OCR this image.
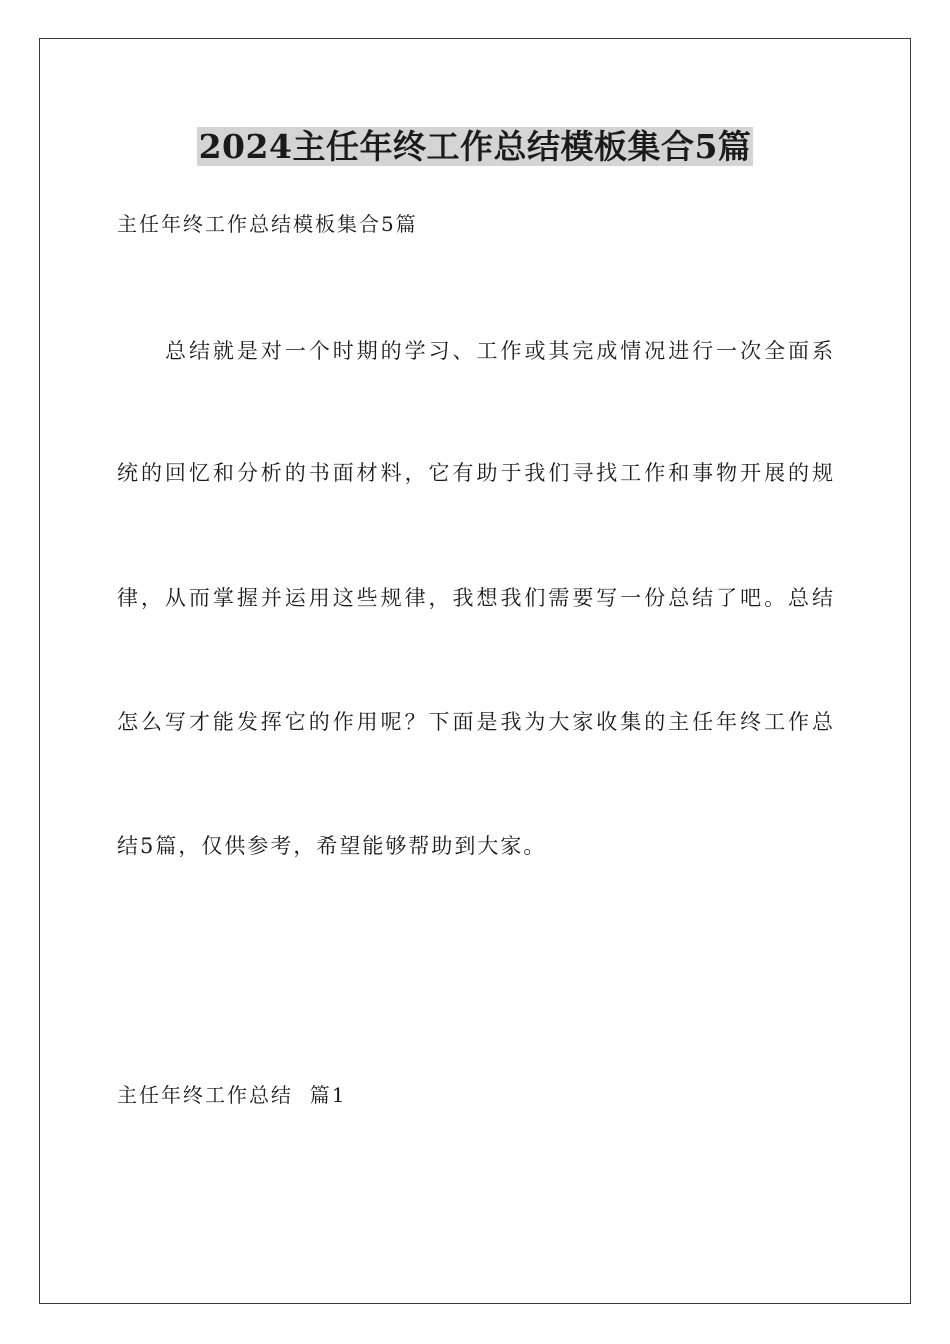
2024主任年终工作总结模板集合5篇
主任年终工作总结模板集合5篇
总结就是对一个时期的学习、工作或其完成情况进行一次全面系
统的回忆和分析的书面材料，它有助于我们寻找工作和事物开展的规
律，从而掌握并运用这些规律，我想我们需要写一份总结了吧。总结
怎么写才能发挥它的作用呢？下面是我为大家收集的主任年终工作总
结5篇，仅供参考，希望能够帮助到大家。
主任年终工作总结  篇1
